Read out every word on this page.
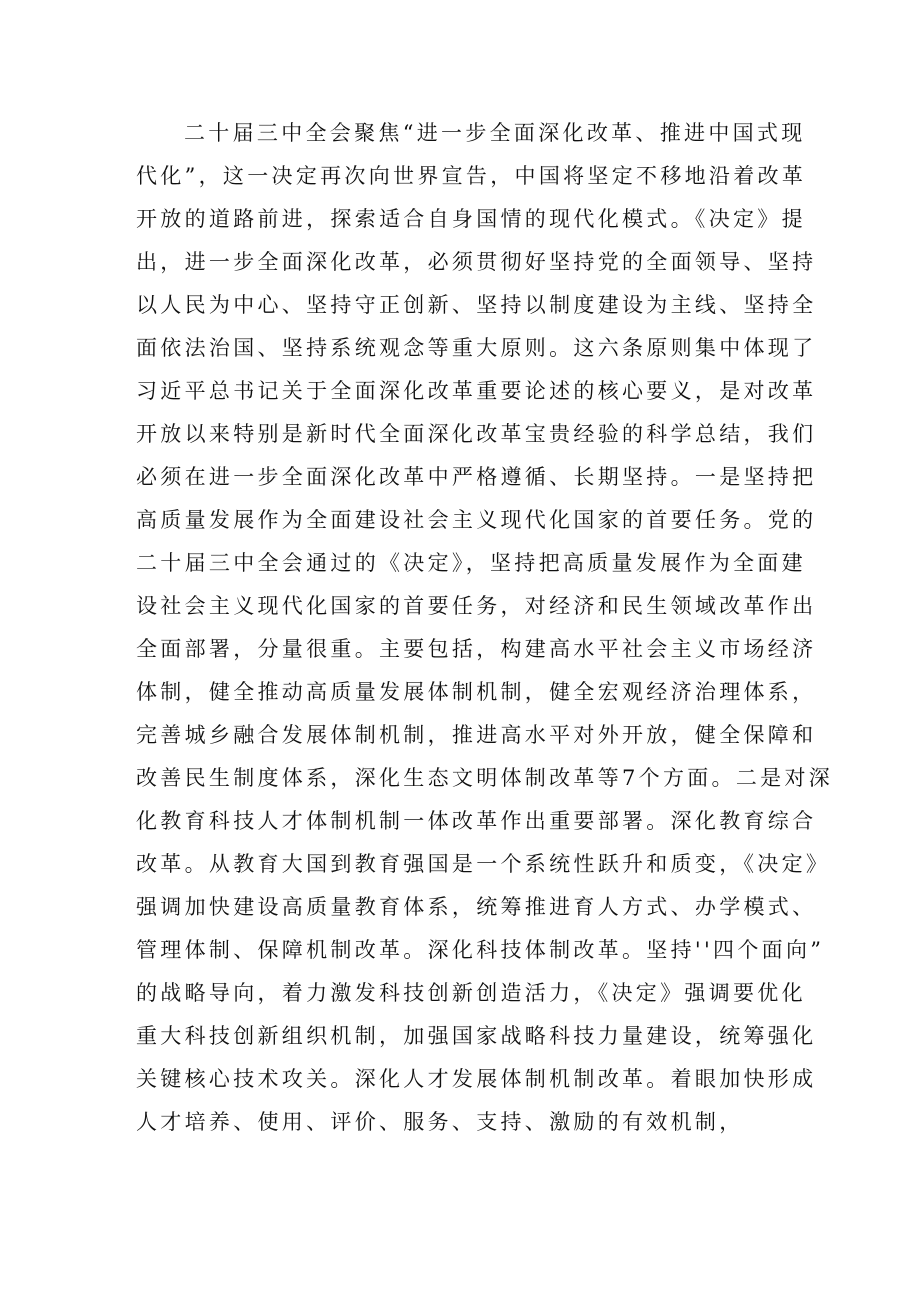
二十届三中全会聚焦“进一步全面深化改革、推进中国式现
代化”，这一决定再次向世界宣告，中国将坚定不移地沿着改革
开放的道路前进，探索适合自身国情的现代化模式。《决定》提
出，进一步全面深化改革，必须贯彻好坚持党的全面领导、坚持
以人民为中心、坚持守正创新、坚持以制度建设为主线、坚持全
面依法治国、坚持系统观念等重大原则。这六条原则集中体现了
习近平总书记关于全面深化改革重要论述的核心要义，是对改革
开放以来特别是新时代全面深化改革宝贵经验的科学总结，我们
必须在进一步全面深化改革中严格遵循、长期坚持。一是坚持把
高质量发展作为全面建设社会主义现代化国家的首要任务。党的
二十届三中全会通过的《决定》，坚持把高质量发展作为全面建
设社会主义现代化国家的首要任务，对经济和民生领域改革作出
全面部署，分量很重。主要包括，构建高水平社会主义市场经济
体制，健全推动高质量发展体制机制，健全宏观经济治理体系，
完善城乡融合发展体制机制，推进高水平对外开放，健全保障和
改善民生制度体系，深化生态文明体制改革等7个方面。二是对深
化教育科技人才体制机制一体改革作出重要部署。深化教育综合
改革。从教育大国到教育强国是一个系统性跃升和质变，《决定》
强调加快建设高质量教育体系，统筹推进育人方式、办学模式、
管理体制、保障机制改革。深化科技体制改革。坚持''四个面向”
的战略导向，着力激发科技创新创造活力，《决定》强调要优化
重大科技创新组织机制，加强国家战略科技力量建设，统筹强化
关键核心技术攻关。深化人才发展体制机制改革。着眼加快形成
人才培养、使用、评价、服务、支持、激励的有效机制，
